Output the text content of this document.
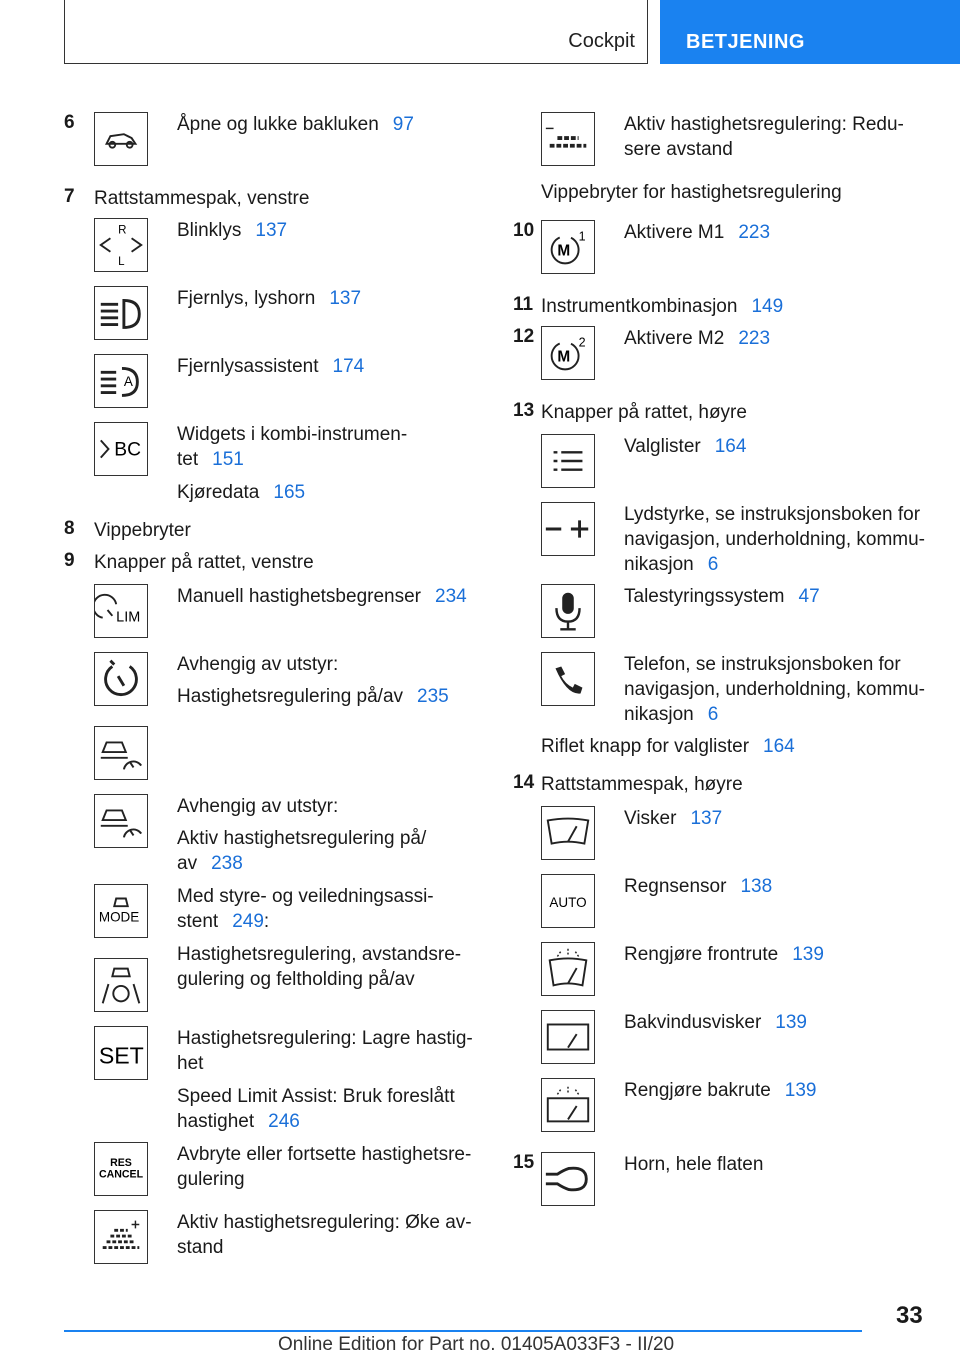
Cockpit	BETJENING
6	Åpne og lukke bakluken 97
7 Rattstammespak, venstre
R
L
Blinklys 137
Fjernlys, lyshorn 137
A
Fjernlysassistent 174
BC
Widgets i kombi-instrumen-
tet 151
Kjøredata 165
8 Vippebryter
9 Knapper på rattet, venstre
LIM
Manuell hastighetsbegrenser 234
Avhengig av utstyr:
Hastighetsregulering på/av 235
Avhengig av utstyr:
Aktiv hastighetsregulering på/
av 238
MODE
Med styre- og veiledningsassi-
stent 249:
Hastighetsregulering, avstandsre-
gulering og feltholding på/av
SET
Hastighetsregulering: Lagre hastig-
het
Speed Limit Assist: Bruk foreslått
hastighet 246
RES
CANCEL
Avbryte eller fortsette hastighetsre-
gulering
Aktiv hastighetsregulering: Øke av-
stand
Aktiv hastighetsregulering: Redu-
sere avstand
Vippebryter for hastighetsregulering
10
M
1 Aktivere M1 223
11 Instrumentkombinasjon 149
12
M
2 Aktivere M2 223
13 Knapper på rattet, høyre
Valglister 164
Lydstyrke, se instruksjonsboken for
navigasjon, underholdning, kommu-
nikasjon 6
Talestyringssystem 47
Telefon, se instruksjonsboken for
navigasjon, underholdning, kommu-
nikasjon 6
Riflet knapp for valglister 164
14 Rattstammespak, høyre
Visker 137
AUTO
Regnsensor 138
Rengjøre frontrute 139
Bakvindusvisker 139
Rengjøre bakrute 139
15	Horn, hele flaten
33
Online Edition for Part no. 01405A033F3 - II/20
